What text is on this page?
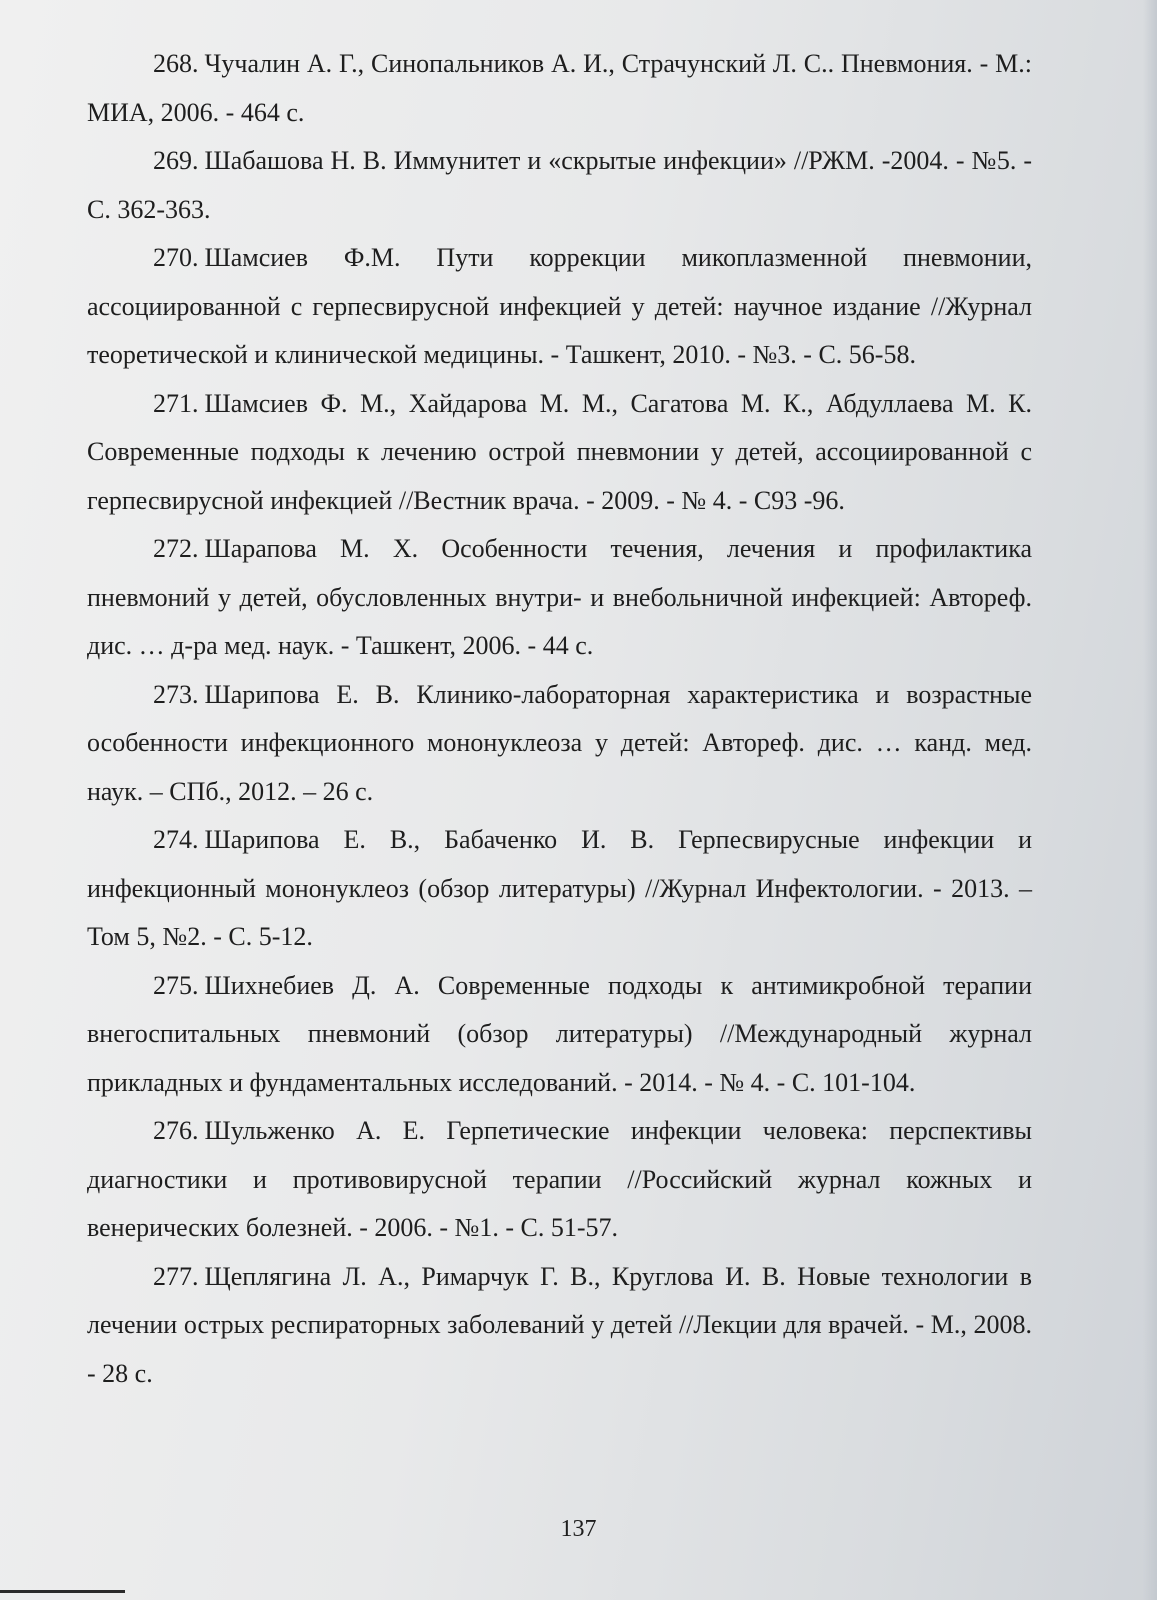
268. Чучалин А. Г., Синопальников А. И., Страчунский Л. С.. Пневмония. - М.: МИА, 2006. - 464 с.

269. Шабашова Н. В. Иммунитет и «скрытые инфекции» //РЖМ. -2004. - №5. - С. 362-363.

270. Шамсиев Ф.М. Пути коррекции микоплазменной пневмонии, ассоциированной с герпесвирусной инфекцией у детей: научное издание //Журнал теоретической и клинической медицины. - Ташкент, 2010. - №3. - С. 56-58.

271. Шамсиев Ф. М., Хайдарова М. М., Сагатова М. К., Абдуллаева М. К. Современные подходы к лечению острой пневмонии у детей, ассоциированной с герпесвирусной инфекцией //Вестник врача. - 2009. - № 4. - С93 -96.

272. Шарапова М. Х. Особенности течения, лечения и профилактика пневмоний у детей, обусловленных внутри- и внебольничной инфекцией: Автореф. дис. … д-ра мед. наук. - Ташкент, 2006. - 44 с.

273. Шарипова Е. В. Клинико-лабораторная характеристика и возрастные особенности инфекционного мононуклеоза у детей: Автореф. дис. … канд. мед. наук. – СПб., 2012. – 26 с.

274. Шарипова Е. В., Бабаченко И. В. Герпесвирусные инфекции и инфекционный мононуклеоз (обзор литературы) //Журнал Инфектологии. - 2013. – Том 5, №2. - С. 5-12.

275. Шихнебиев Д. А. Современные подходы к антимикробной терапии внегоспитальных пневмоний (обзор литературы) //Международный журнал прикладных и фундаментальных исследований. - 2014. - № 4. - С. 101-104.

276. Шульженко А. Е. Герпетические инфекции человека: перспективы диагностики и противовирусной терапии //Российский журнал кожных и венерических болезней. - 2006. - №1. - С. 51-57.

277. Щеплягина Л. А., Римарчук Г. В., Круглова И. В. Новые технологии в лечении острых респираторных заболеваний у детей //Лекции для врачей. - М., 2008. - 28 с.

137
